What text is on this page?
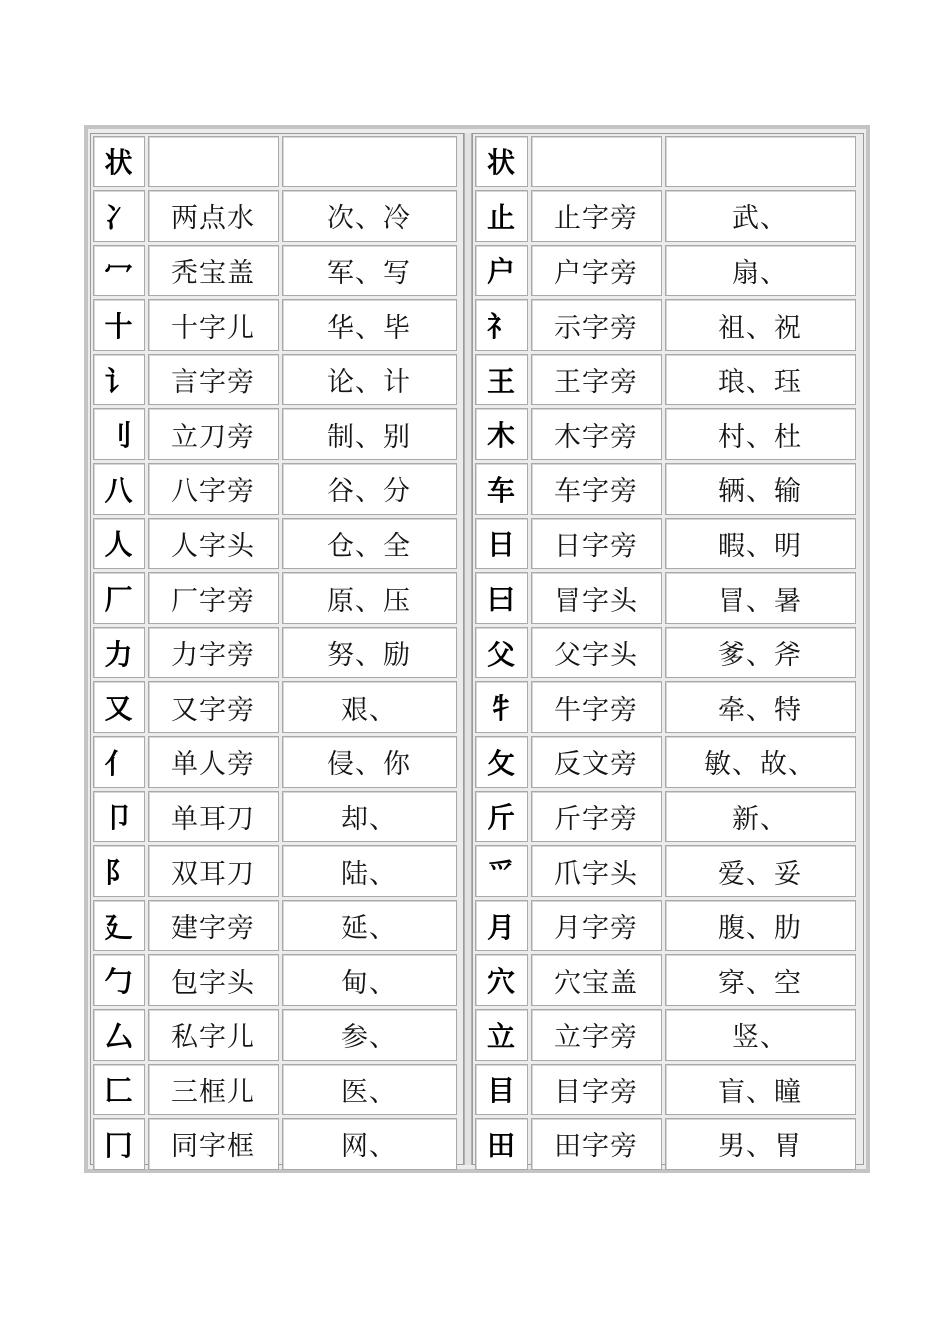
状
冫	两点水	次、冷
冖	秃宝盖	军、写
十	十字儿	华、毕
讠	言字旁	论、计
刂	立刀旁	制、别
八	八字旁	谷、分
人	人字头	仓、全
厂	厂字旁	原、压
力	力字旁	努、励
又	又字旁	艰、
亻	单人旁	侵、你
卩	单耳刀	却、
阝	双耳刀	陆、
廴	建字旁	延、
勹	包字头	甸、
厶	私字儿	参、
匚	三框儿	医、
冂	同字框	网、
状
止	止字旁	武、
户	户字旁	扇、
礻	示字旁	祖、祝
王	王字旁	琅、珏
木	木字旁	村、杜
车	车字旁	辆、输
日	日字旁	暇、明
曰	冒字头	冒、暑
父	父字头	爹、斧
牜	牛字旁	牵、特
攵	反文旁	敏、故、
斤	斤字旁	新、
爫	爪字头	爱、妥
月	月字旁	腹、肋
穴	穴宝盖	穿、空
立	立字旁	竖、
目	目字旁	盲、瞳
田	田字旁	男、胃
